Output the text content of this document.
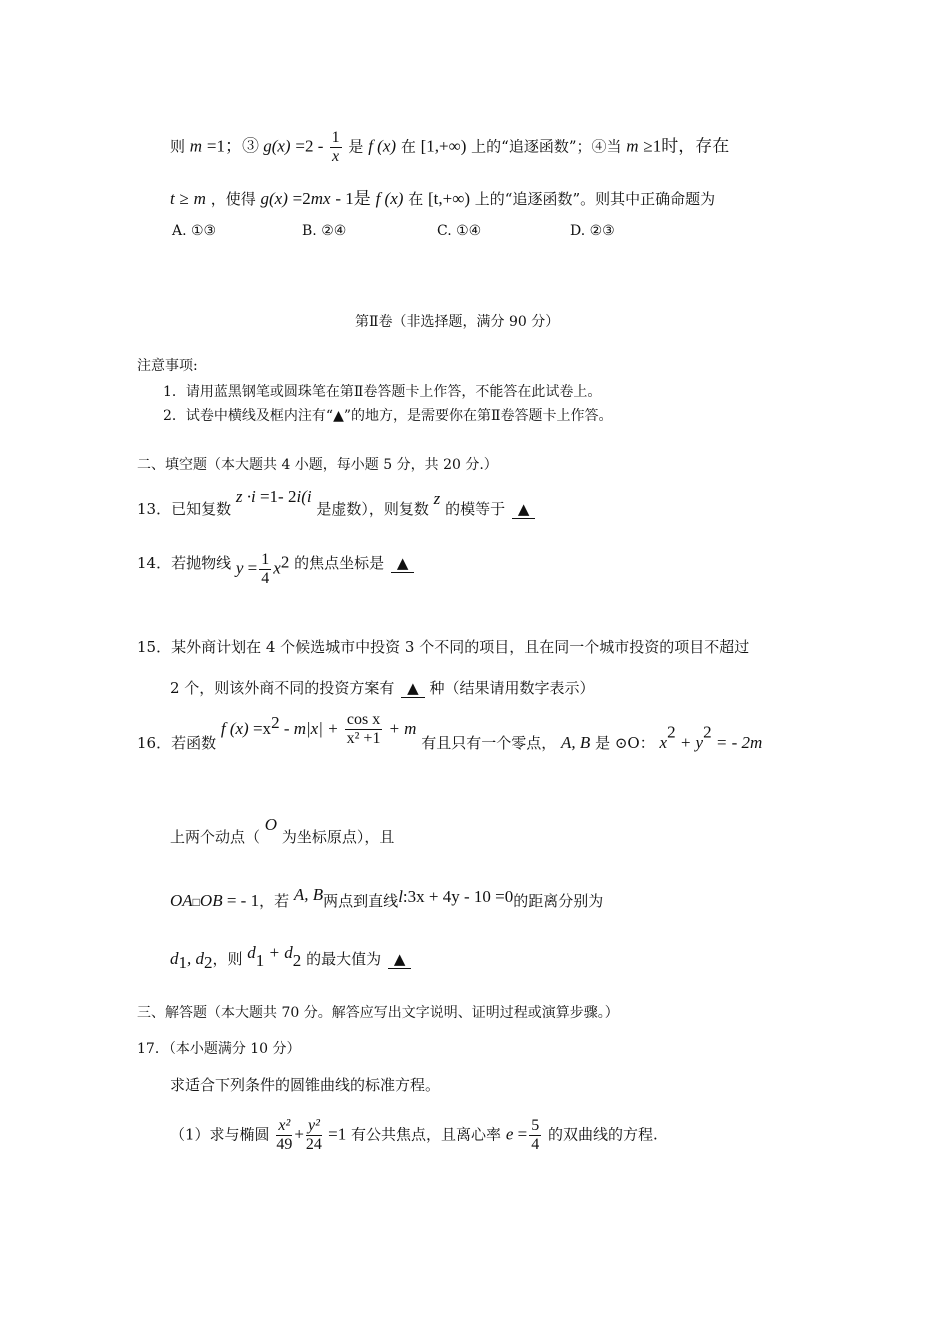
则 m =1；③ $g(x) =2 - \frac{1}{x}$ 是 f (x) 在 [1,+∞) 上的“追逐函数”；④当 m ≥1时，存在
t ≥ m ，使得 g(x) =2mx - 1是 f (x) 在 [t,+∞) 上的“追逐函数”。则其中正确命题为
A. ①③	B. ②④	C. ①④	D. ②③
第Ⅱ卷（非选择题，满分 90 分）
注意事项:
1．请用蓝黑钢笔或圆珠笔在第Ⅱ卷答题卡上作答，不能答在此试卷上。
2．试卷中横线及框内注有“▲”的地方，是需要你在第Ⅱ卷答题卡上作答。
二、填空题（本大题共 4 小题，每小题 5 分，共 20 分.）
13．已知复数 z ·i =1- 2i(i 是虚数），则复数 z 的模等于 ▲
14．若抛物线 $y = \frac{1}{4} x^2$ 的焦点坐标是 ▲
15．某外商计划在 4 个候选城市中投资 3 个不同的项目，且在同一个城市投资的项目不超过
2 个，则该外商不同的投资方案有 ▲ 种（结果请用数字表示）
16．若函数 f $(x) =x^2 - m|x| + \frac{\text{cos x}}{\text{x² +1}} + m$ 有且只有一个零点， A, B 是 ⊙O： $x^2 + y^2$ = - 2m
上两个动点（ O 为坐标原点），且
OA□OB = - 1，若 A, B两点到直线l:3x + 4y - 10 =0的距离分别为
$d_1$, $d_2$，则 $d_1 + d_2$ 的最大值为 ▲
三、解答题（本大题共 70 分。解答应写出文字说明、证明过程或演算步骤。）
17．（本小题满分 10 分）
求适合下列条件的圆锥曲线的标准方程。
（1）求与椭圆 $\frac{\text{x²}}{49} + \frac{\text{y²}}{24} =1$ 有公共焦点，且离心率 $e = \frac{5}{4}$ 的双曲线的方程.
